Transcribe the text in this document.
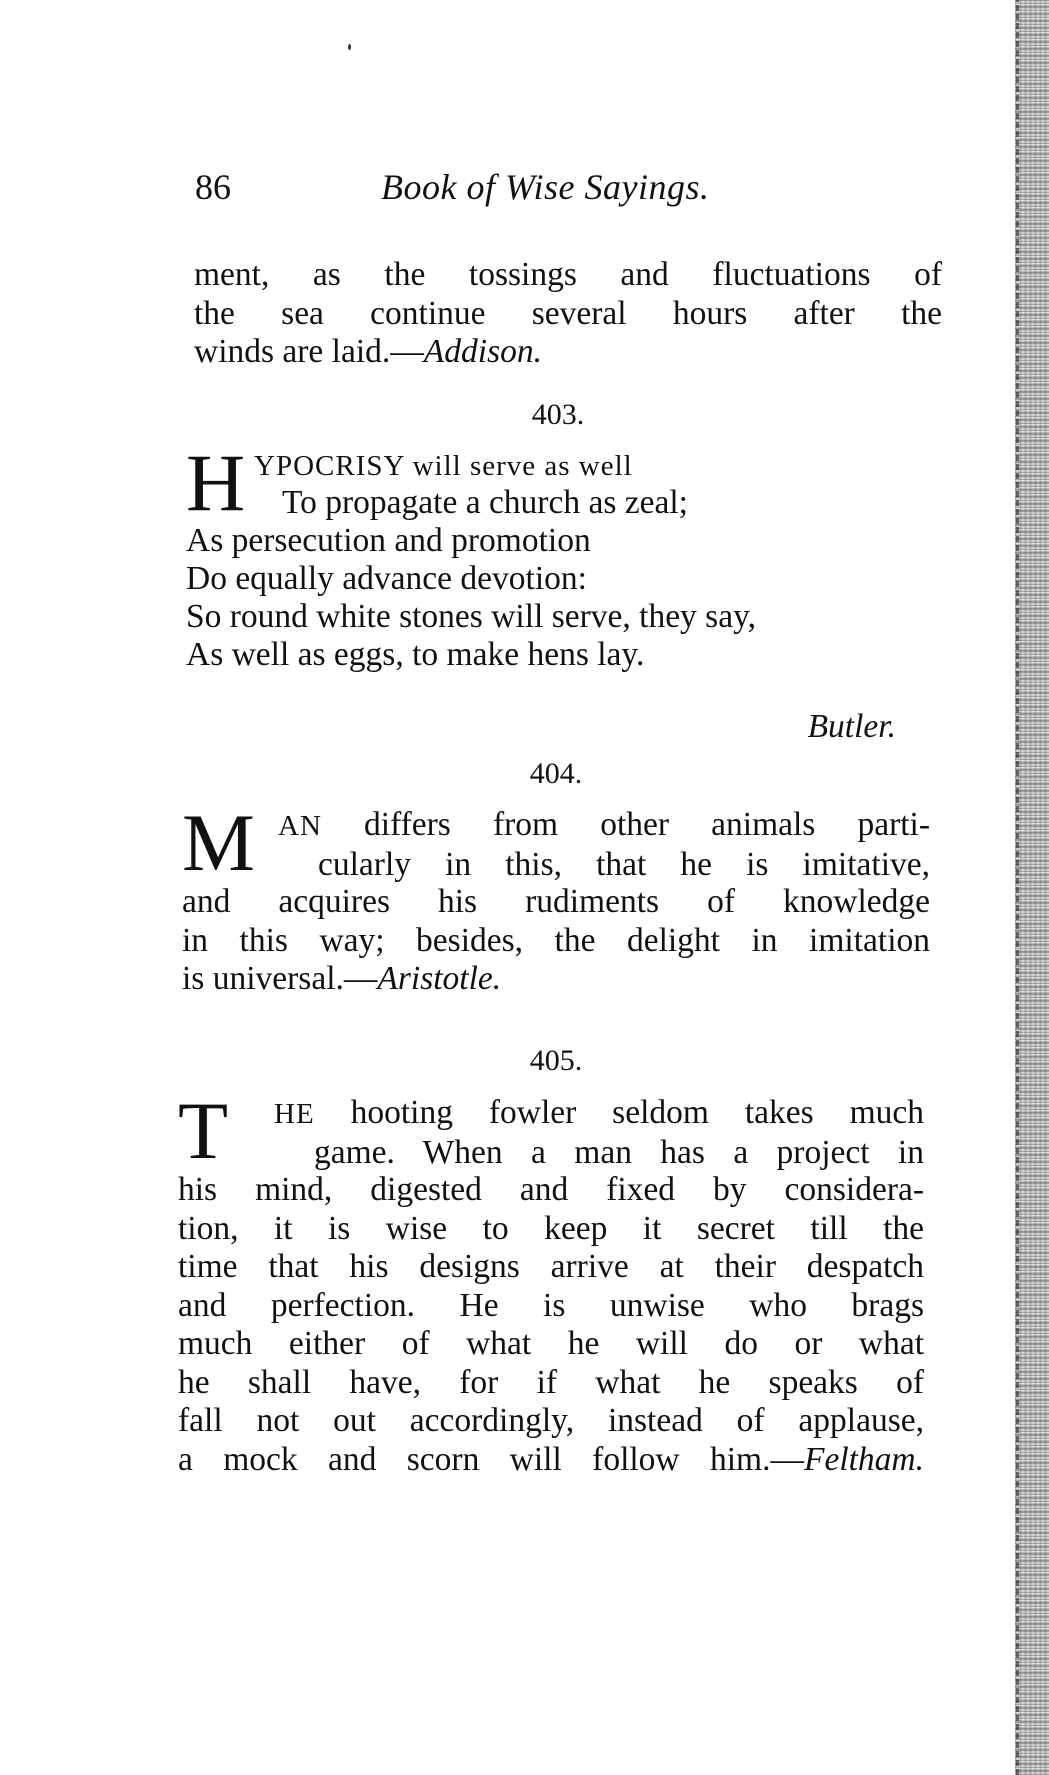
86	Book of Wise Sayings.
ment, as the tossings and fluctuations of
the sea continue several hours after the
winds are laid.—Addison.
403.
H YPOCRISY will serve as well
To propagate a church as zeal;
As persecution and promotion
Do equally advance devotion:
So round white stones will serve, they say,
As well as eggs, to make hens lay.
Butler.
404.
M AN differs from other animals parti-
cularly in this, that he is imitative,
and acquires his rudiments of knowledge
in this way; besides, the delight in imitation
is universal.—Aristotle.
405.
T HE hooting fowler seldom takes much
game. When a man has a project in
his mind, digested and fixed by considera-
tion, it is wise to keep it secret till the
time that his designs arrive at their despatch
and perfection. He is unwise who brags
much either of what he will do or what
he shall have, for if what he speaks of
fall not out accordingly, instead of applause,
a mock and scorn will follow him.—Feltham.
